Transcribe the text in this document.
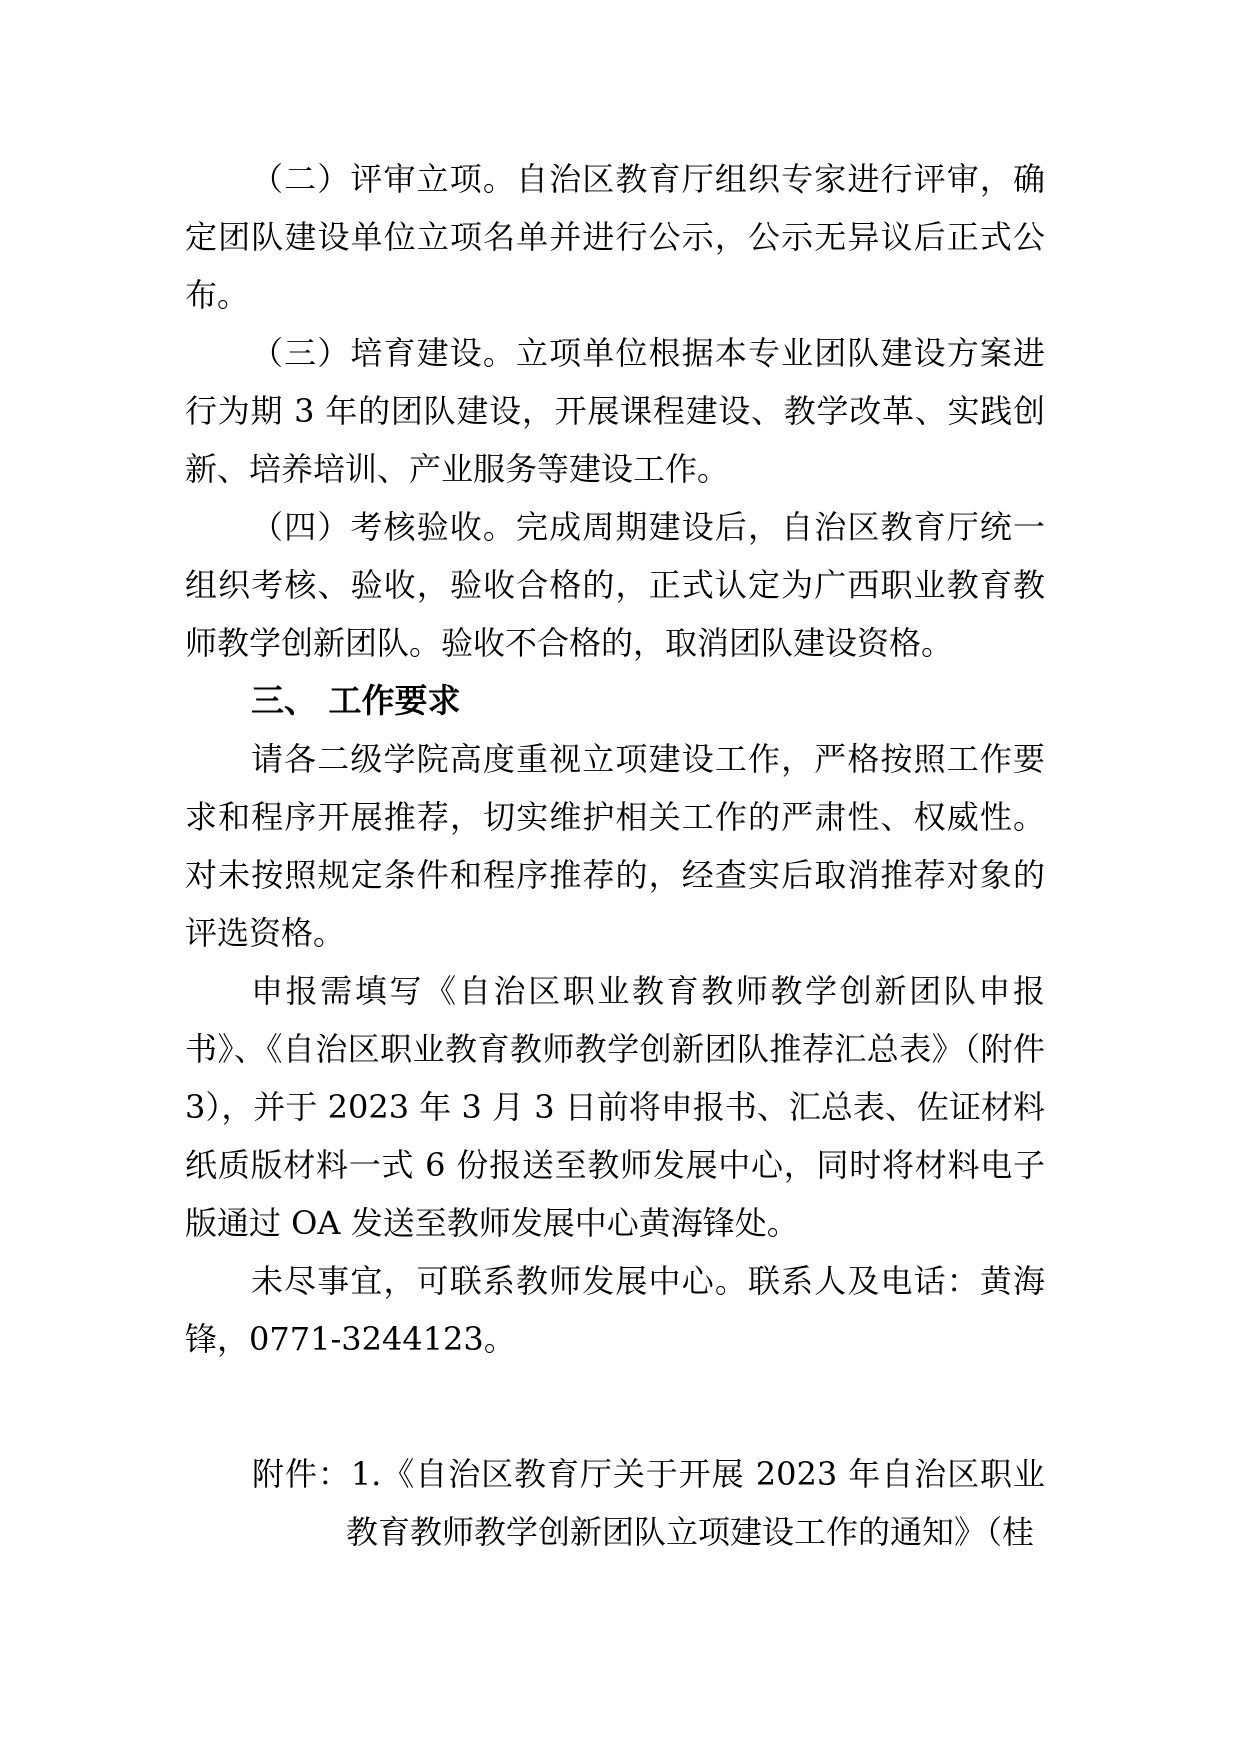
（二）评审立项。自治区教育厅组织专家进行评审，确定团队建设单位立项名单并进行公示，公示无异议后正式公布。

（三）培育建设。立项单位根据本专业团队建设方案进行为期 3 年的团队建设，开展课程建设、教学改革、实践创新、培养培训、产业服务等建设工作。

（四）考核验收。完成周期建设后，自治区教育厅统一组织考核、验收，验收合格的，正式认定为广西职业教育教师教学创新团队。验收不合格的，取消团队建设资格。

三、 工作要求

请各二级学院高度重视立项建设工作，严格按照工作要求和程序开展推荐，切实维护相关工作的严肃性、权威性。对未按照规定条件和程序推荐的，经查实后取消推荐对象的评选资格。

申报需填写《自治区职业教育教师教学创新团队申报书》、《自治区职业教育教师教学创新团队推荐汇总表》（附件 3），并于 2023 年 3 月 3 日前将申报书、汇总表、佐证材料纸质版材料一式 6 份报送至教师发展中心，同时将材料电子版通过 OA 发送至教师发展中心黄海锋处。

未尽事宜，可联系教师发展中心。联系人及电话：黄海锋，0771-3244123。

附件：1.《自治区教育厅关于开展 2023 年自治区职业教育教师教学创新团队立项建设工作的通知》（桂
